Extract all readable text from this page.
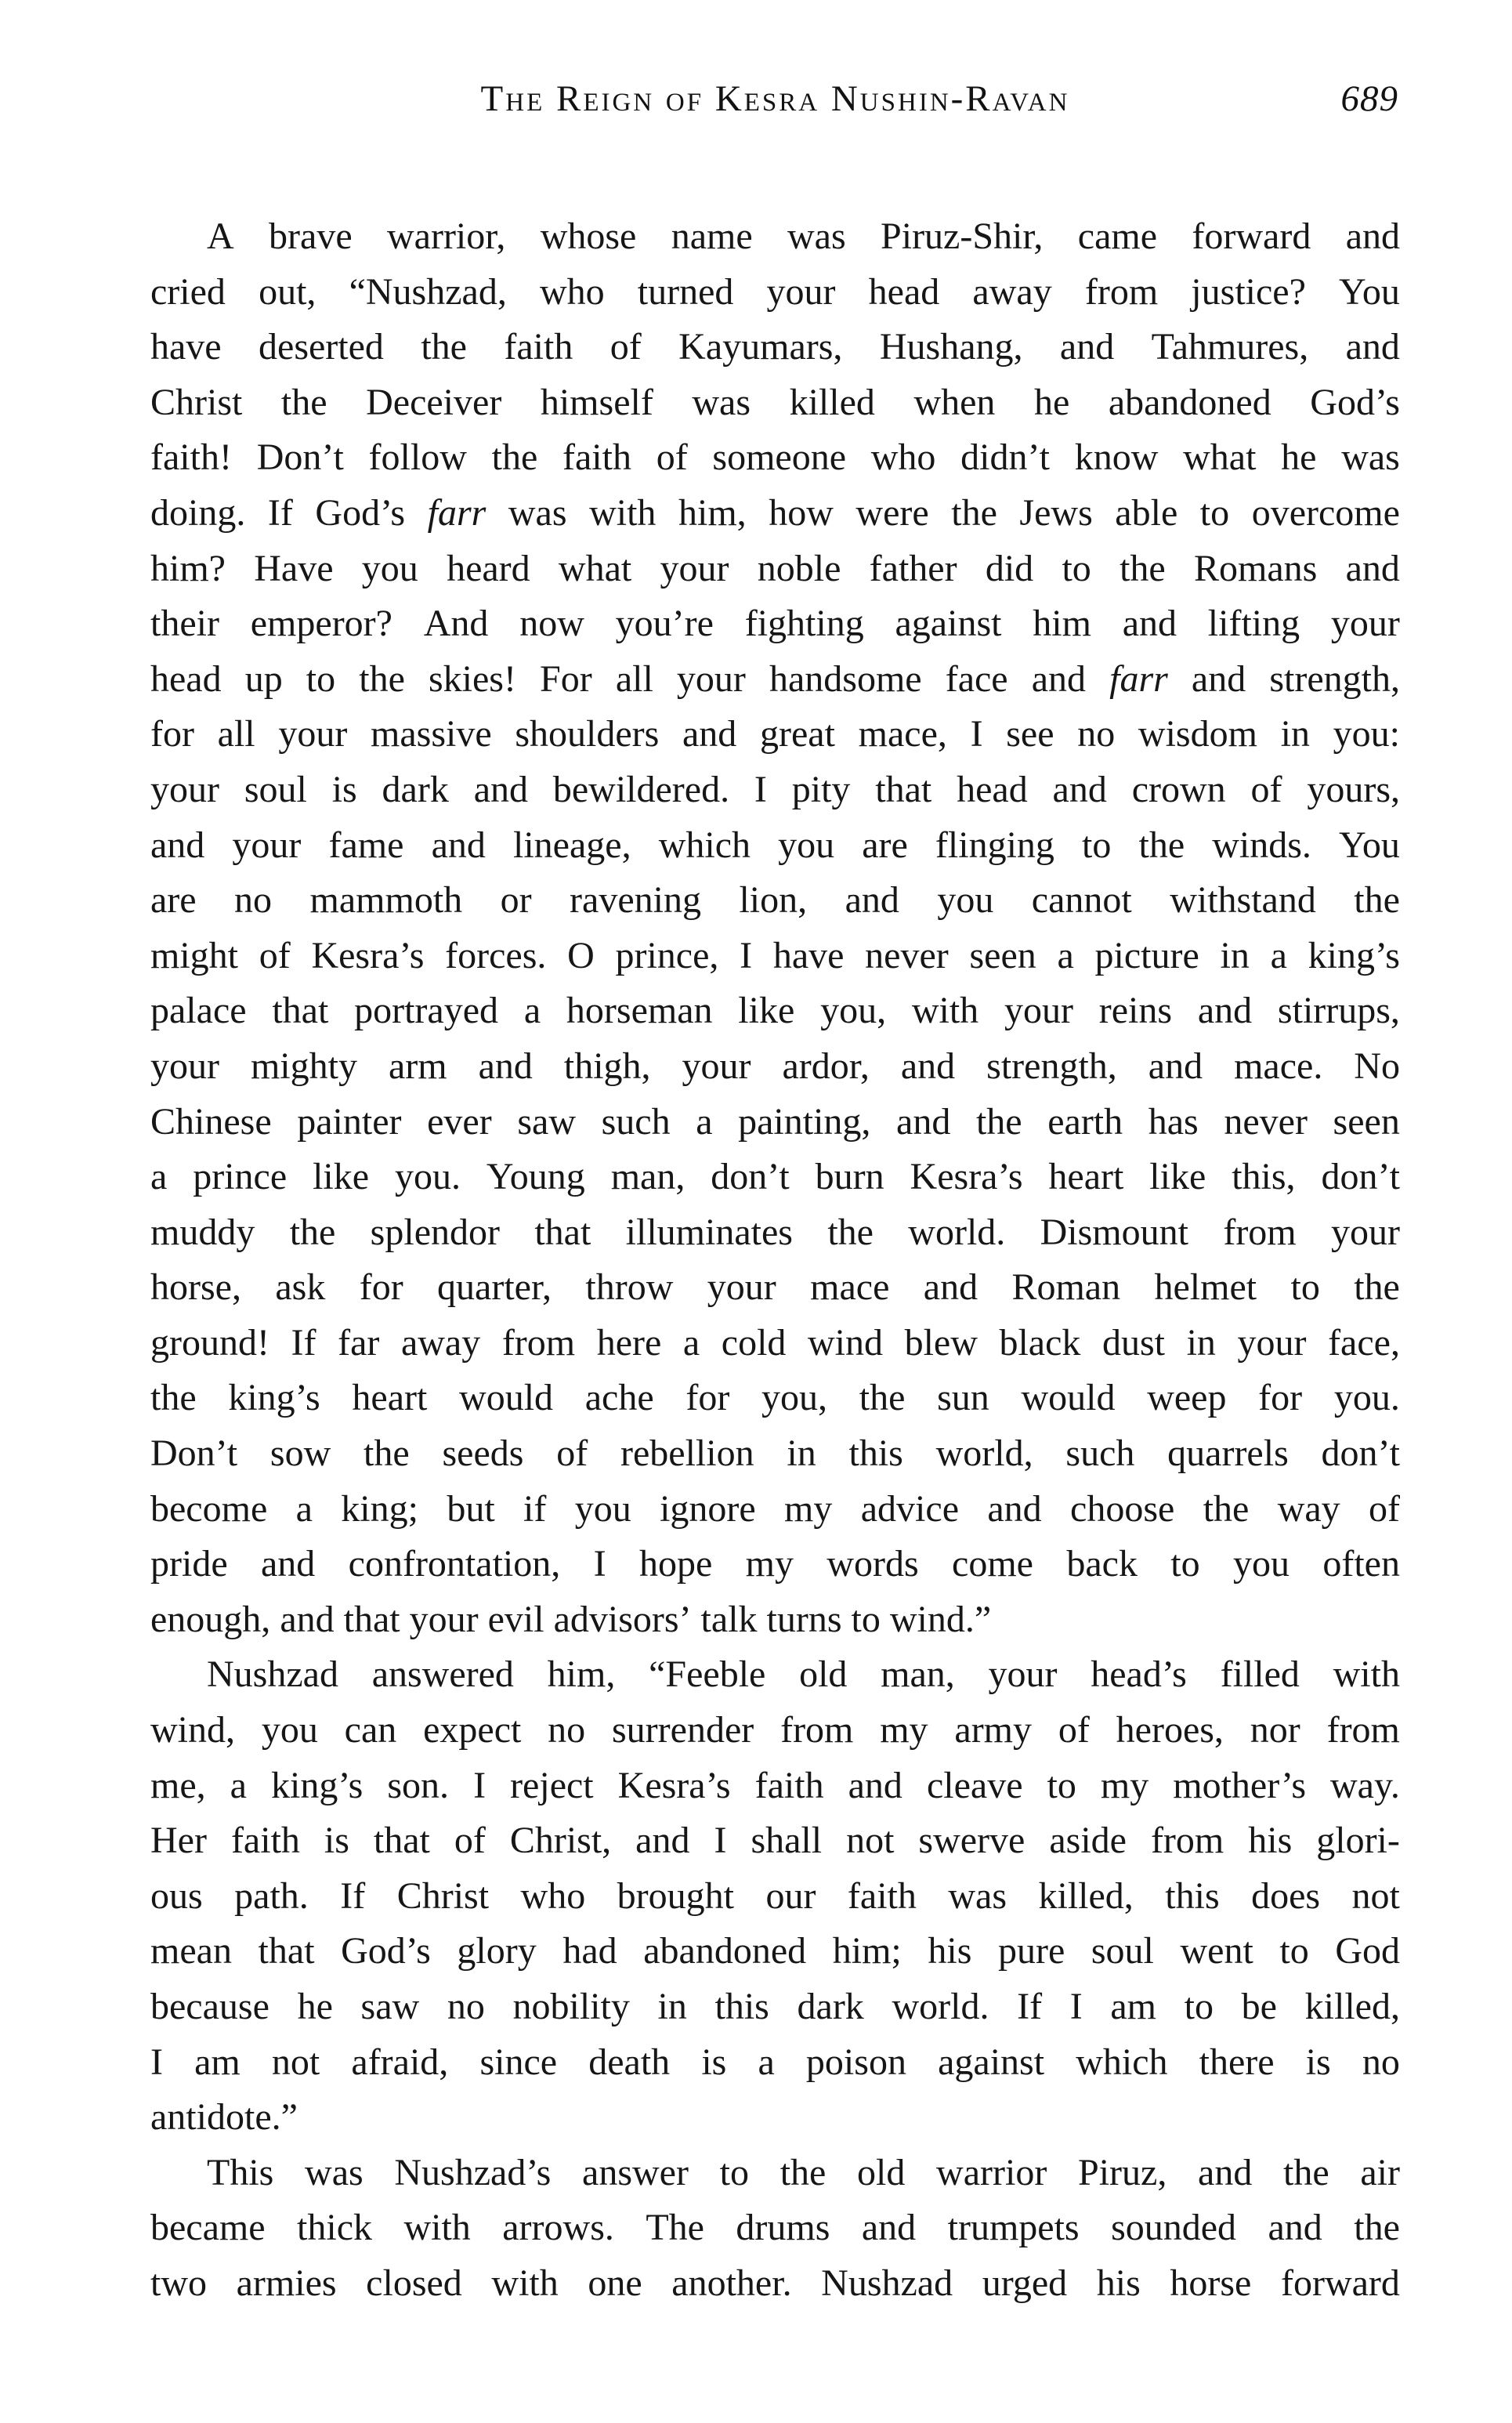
The Reign of Kesra Nushin-Ravan	689
A brave warrior, whose name was Piruz-Shir, came forward and
cried out, “Nushzad, who turned your head away from justice? You
have deserted the faith of Kayumars, Hushang, and Tahmures, and
Christ the Deceiver himself was killed when he abandoned God’s
faith! Don’t follow the faith of someone who didn’t know what he was
doing. If God’s farr was with him, how were the Jews able to overcome
him? Have you heard what your noble father did to the Romans and
their emperor? And now you’re fighting against him and lifting your
head up to the skies! For all your handsome face and farr and strength,
for all your massive shoulders and great mace, I see no wisdom in you:
your soul is dark and bewildered. I pity that head and crown of yours,
and your fame and lineage, which you are flinging to the winds. You
are no mammoth or ravening lion, and you cannot withstand the
might of Kesra’s forces. O prince, I have never seen a picture in a king’s
palace that portrayed a horseman like you, with your reins and stirrups,
your mighty arm and thigh, your ardor, and strength, and mace. No
Chinese painter ever saw such a painting, and the earth has never seen
a prince like you. Young man, don’t burn Kesra’s heart like this, don’t
muddy the splendor that illuminates the world. Dismount from your
horse, ask for quarter, throw your mace and Roman helmet to the
ground! If far away from here a cold wind blew black dust in your face,
the king’s heart would ache for you, the sun would weep for you.
Don’t sow the seeds of rebellion in this world, such quarrels don’t
become a king; but if you ignore my advice and choose the way of
pride and confrontation, I hope my words come back to you often
enough, and that your evil advisors’ talk turns to wind.”
Nushzad answered him, “Feeble old man, your head’s filled with
wind, you can expect no surrender from my army of heroes, nor from
me, a king’s son. I reject Kesra’s faith and cleave to my mother’s way.
Her faith is that of Christ, and I shall not swerve aside from his glori-
ous path. If Christ who brought our faith was killed, this does not
mean that God’s glory had abandoned him; his pure soul went to God
because he saw no nobility in this dark world. If I am to be killed,
I am not afraid, since death is a poison against which there is no
antidote.”
This was Nushzad’s answer to the old warrior Piruz, and the air
became thick with arrows. The drums and trumpets sounded and the
two armies closed with one another. Nushzad urged his horse forward
